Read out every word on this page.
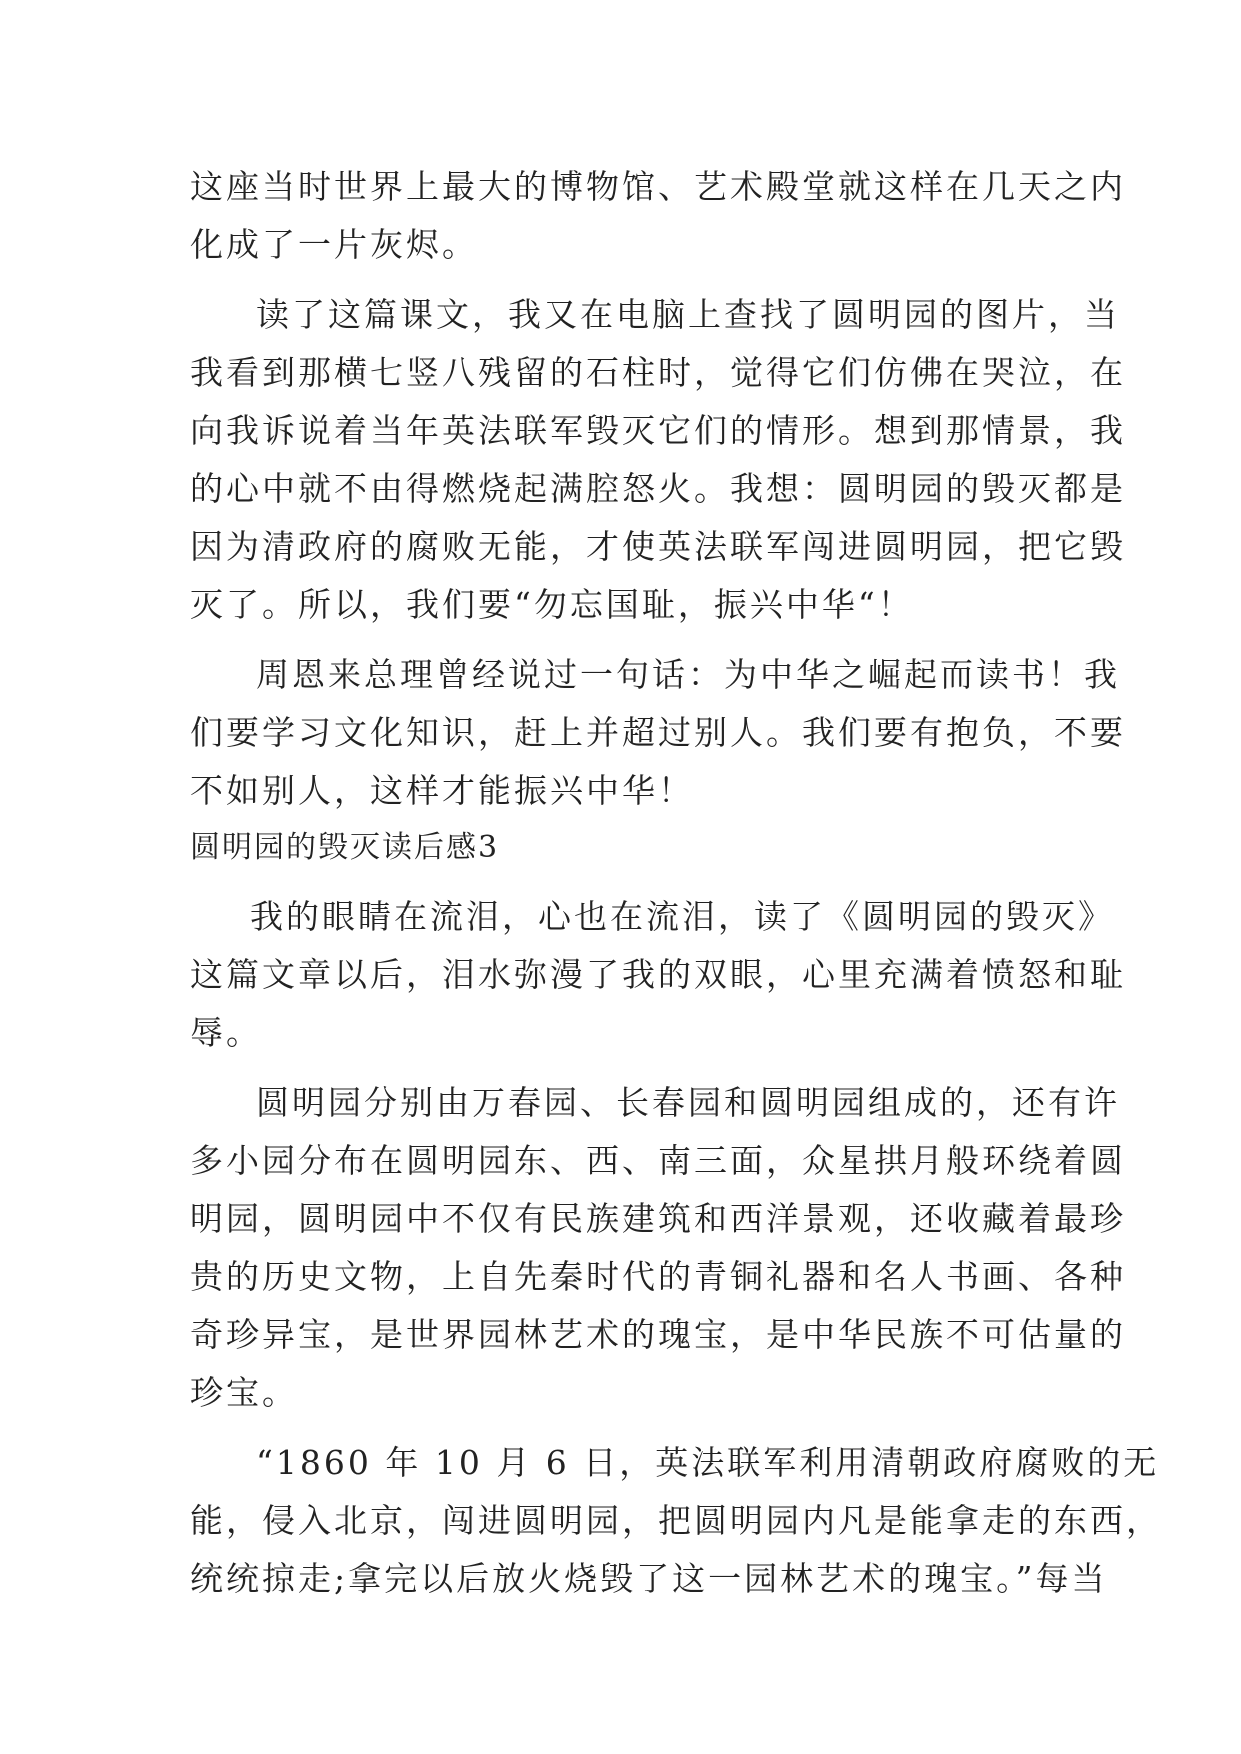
这座当时世界上最大的博物馆、艺术殿堂就这样在几天之内
化成了一片灰烬。
读了这篇课文，我又在电脑上查找了圆明园的图片，当
我看到那横七竖八残留的石柱时，觉得它们仿佛在哭泣，在
向我诉说着当年英法联军毁灭它们的情形。想到那情景，我
的心中就不由得燃烧起满腔怒火。我想：圆明园的毁灭都是
因为清政府的腐败无能，才使英法联军闯进圆明园，把它毁
灭了。所以，我们要“勿忘国耻，振兴中华“！
周恩来总理曾经说过一句话：为中华之崛起而读书！我
们要学习文化知识，赶上并超过别人。我们要有抱负，不要
不如别人，这样才能振兴中华！
圆明园的毁灭读后感3
我的眼睛在流泪，心也在流泪，读了《圆明园的毁灭》
这篇文章以后，泪水弥漫了我的双眼，心里充满着愤怒和耻
辱。
圆明园分别由万春园、长春园和圆明园组成的，还有许
多小园分布在圆明园东、西、南三面，众星拱月般环绕着圆
明园，圆明园中不仅有民族建筑和西洋景观，还收藏着最珍
贵的历史文物，上自先秦时代的青铜礼器和名人书画、各种
奇珍异宝，是世界园林艺术的瑰宝，是中华民族不可估量的
珍宝。
“1860 年 10 月 6 日，英法联军利用清朝政府腐败的无
能，侵入北京，闯进圆明园，把圆明园内凡是能拿走的东西，
统统掠走;拿完以后放火烧毁了这一园林艺术的瑰宝。”每当
